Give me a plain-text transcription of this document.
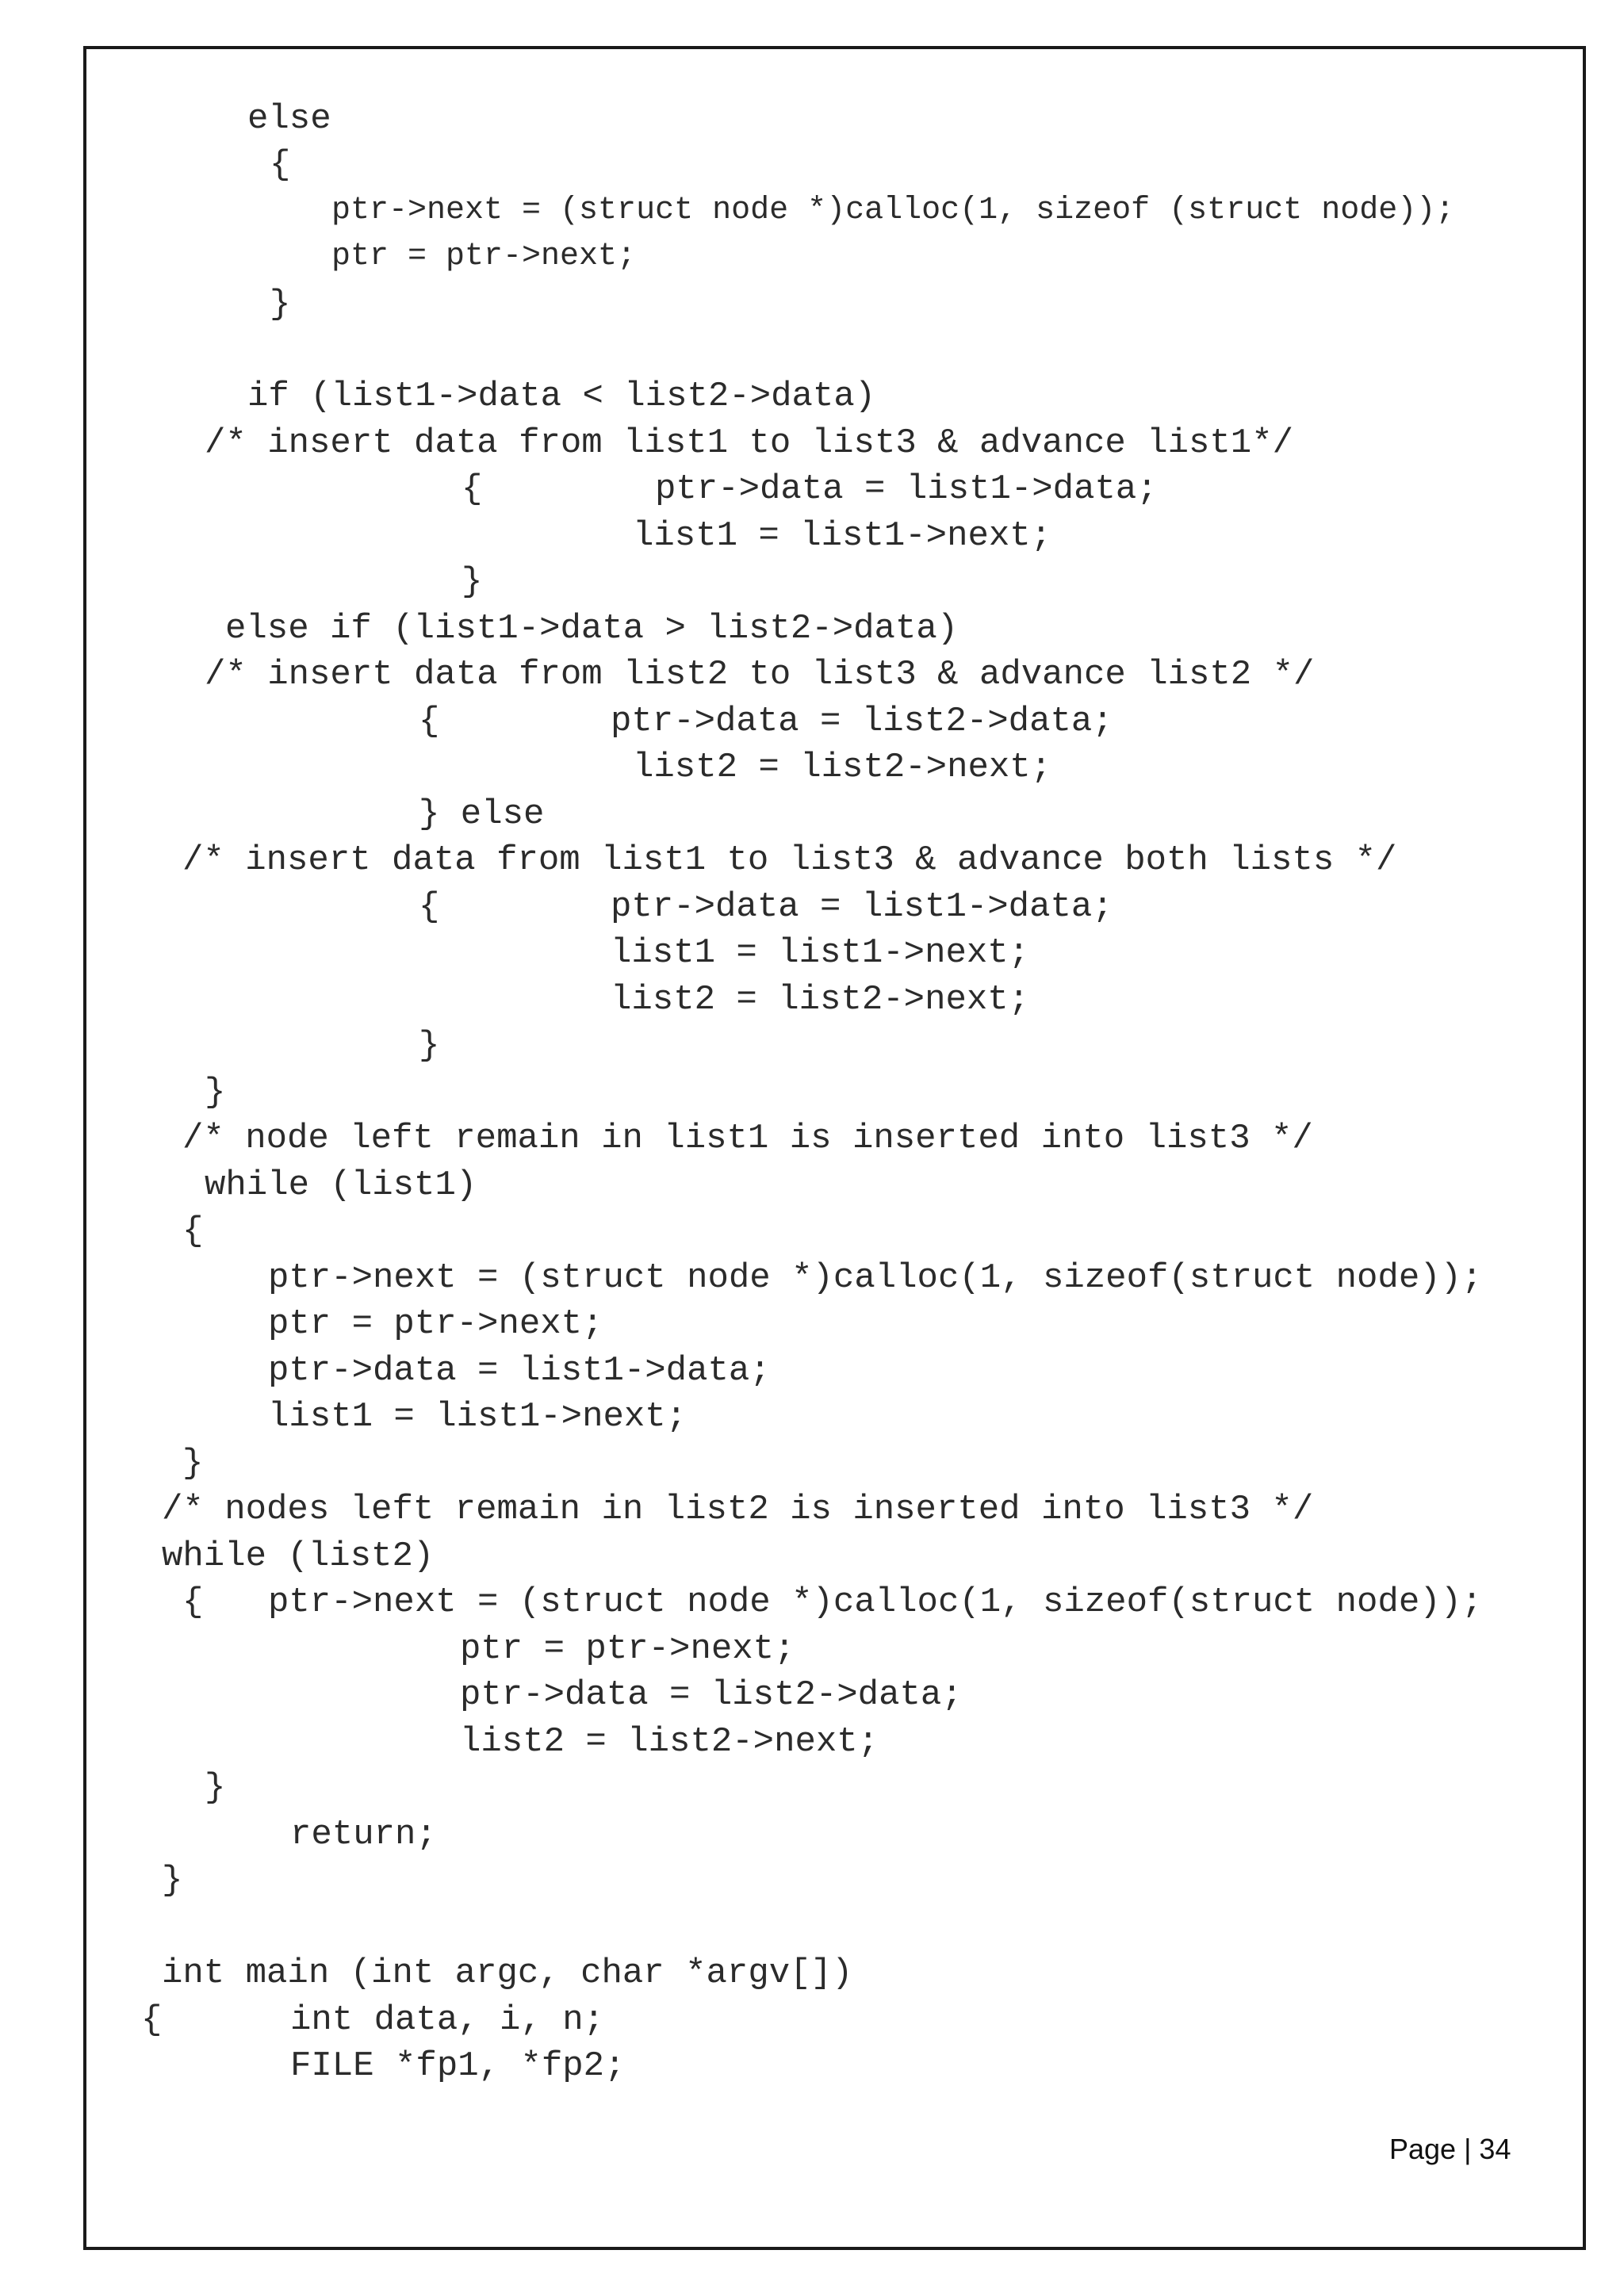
else
{
ptr->next = (struct node *)calloc(1, sizeof (struct node));
ptr = ptr->next;
}
if (list1->data < list2->data)
/* insert data from list1 to list3 & advance list1*/
{	ptr->data = list1->data;
list1 = list1->next;
}
else if (list1->data > list2->data)
/* insert data from list2 to list3 & advance list2 */
{	ptr->data = list2->data;
list2 = list2->next;
} else
/* insert data from list1 to list3 & advance both lists */
{	ptr->data = list1->data;
list1 = list1->next;
list2 = list2->next;
}
}
/* node left remain in list1 is inserted into list3 */
while (list1)
{
ptr->next = (struct node *)calloc(1, sizeof(struct node));
ptr = ptr->next;
ptr->data = list1->data;
list1 = list1->next;
}
/* nodes left remain in list2 is inserted into list3 */
while (list2)
{ ptr->next = (struct node *)calloc(1, sizeof(struct node));
ptr = ptr->next;
ptr->data = list2->data;
list2 = list2->next;
}
return;
}
int main (int argc, char *argv[])
{	int data, i, n;
FILE *fp1, *fp2;
Page | 34
